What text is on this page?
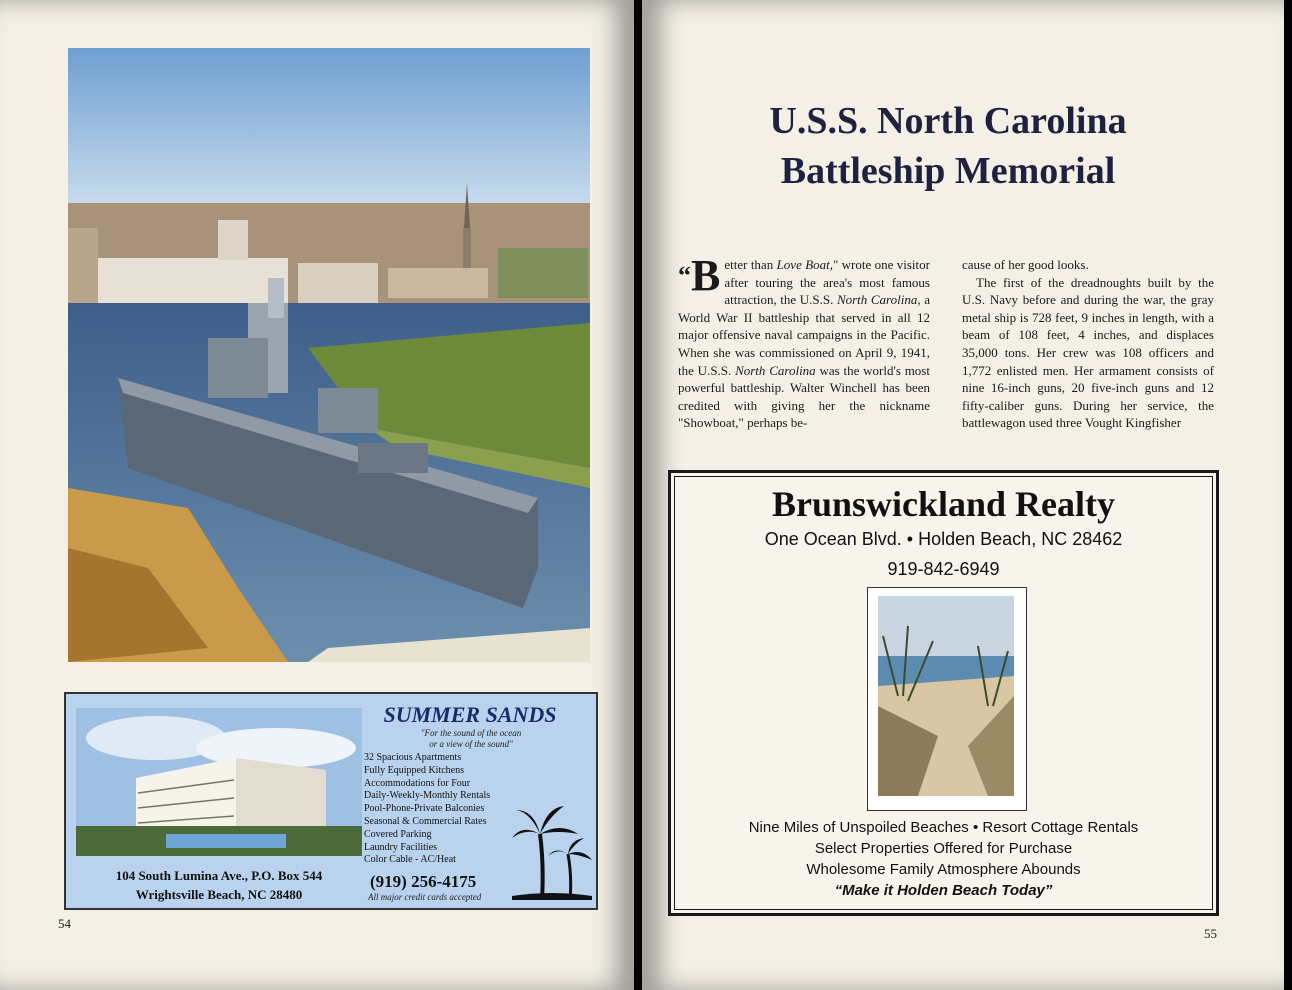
SUMMER SANDS
"For the sound of the ocean
or a view of the sound"
32 Spacious Apartments
Fully Equipped Kitchens
Accommodations for Four
Daily-Weekly-Monthly Rentals
Pool-Phone-Private Balconies
Seasonal & Commercial Rates
Covered Parking
Laundry Facilities
Color Cable - AC/Heat
104 South Lumina Ave., P.O. Box 544
Wrightsville Beach, NC 28480
(919) 256-4175
All major credit cards accepted
54
U.S.S. North Carolina
Battleship Memorial

“B etter than Love Boat," wrote one visitor after touring the area's most famous attraction, the U.S.S. North Carolina, a World War II battleship that served in all 12 major offensive naval campaigns in the Pacific. When she was commissioned on April 9, 1941, the U.S.S. North Carolina was the world's most powerful battleship. Walter Winchell has been credited with giving her the nickname "Showboat," perhaps be-

cause of her good looks.

The first of the dreadnoughts built by the U.S. Navy before and during the war, the gray metal ship is 728 feet, 9 inches in length, with a beam of 108 feet, 4 inches, and displaces 35,000 tons. Her crew was 108 officers and 1,772 enlisted men. Her armament consists of nine 16-inch guns, 20 five-inch guns and 12 fifty-caliber guns. During her service, the battlewagon used three Vought Kingfisher

Brunswickland Realty
One Ocean Blvd. • Holden Beach, NC 28462
919-842-6949
Nine Miles of Unspoiled Beaches • Resort Cottage Rentals
Select Properties Offered for Purchase
Wholesome Family Atmosphere Abounds
“Make it Holden Beach Today”
55
